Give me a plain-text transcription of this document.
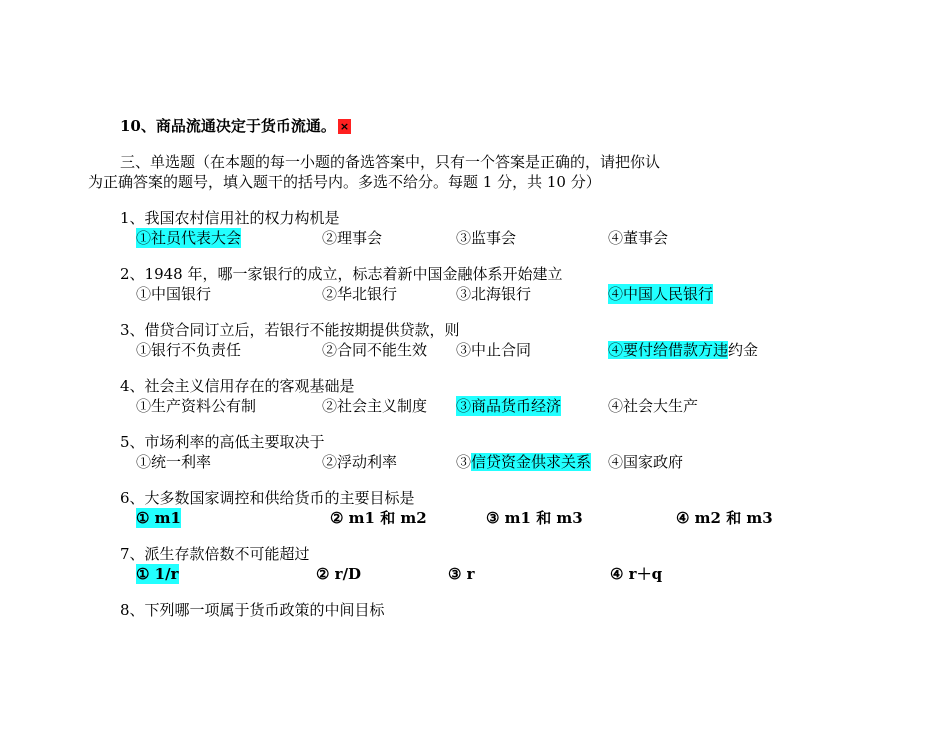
10、商品流通决定于货币流通。 ×
三、单选题（在本题的每一小题的备选答案中，只有一个答案是正确的，请把你认
为正确答案的题号，填入题干的括号内。多选不给分。每题 1 分，共 10 分）
1、我国农村信用社的权力构机是
①社员代表大会	②理事会	③监事会	④董事会
2、1948 年，哪一家银行的成立，标志着新中国金融体系开始建立
①中国银行	②华北银行	③北海银行	④中国人民银行
3、借贷合同订立后，若银行不能按期提供贷款，则
①银行不负责任	②合同不能生效 ③中止合同	④要付给借款方违约金
4、社会主义信用存在的客观基础是
①生产资料公有制	②社会主义制度 ③商品货币经济	④社会大生产
5、市场利率的高低主要取决于
①统一利率	②浮动利率	③信贷资金供求关系 ④国家政府
6、大多数国家调控和供给货币的主要目标是
① m1	② m1 和 m2	③ m1 和 m3	④ m2 和 m3
7、派生存款倍数不可能超过
① 1/r	② r/D	③ r	④ r＋q
8、下列哪一项属于货币政策的中间目标
